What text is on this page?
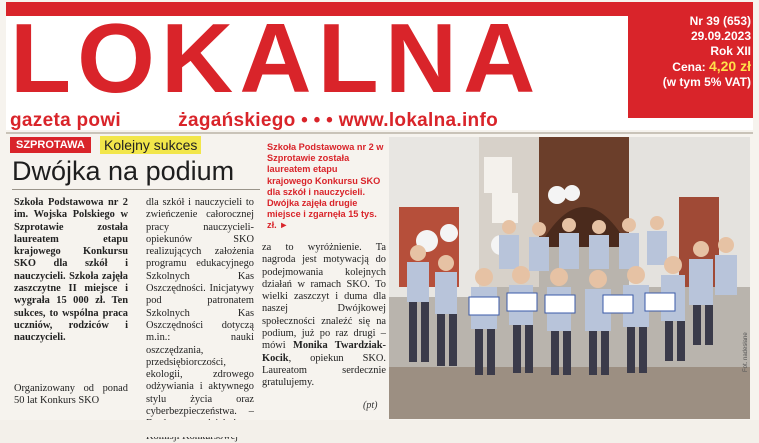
LOKALNA
gazeta powi	żagańskiego • • • www.lokalna.info
Nr 39 (653)
29.09.2023
Rok XII
Cena: 4,20 zł
(w tym 5% VAT)
SZPROTAWA	Kolejny sukces
Dwójka na podium
Szkoła Podstawowa nr 2 w Szprotawie została laureatem etapu krajowego Konkursu SKO dla szkół i nauczycieli. Dwójka zajęła drugie miejsce i zgarnęła 15 tys. zł. ►
Szkoła Podstawowa nr 2 im. Wojska Polskiego w Szprotawie została laureatem etapu krajowego Konkursu SKO dla szkół i nauczycieli. Szkoła zajęła zaszczytne II miejsce i wygrała 15 000 zł. Ten sukces, to wspólna praca uczniów, rodziców i nauczycieli.
Organizowany od ponad 50 lat Konkurs SKO
dla szkół i nauczycieli to zwieńczenie całorocznej pracy nauczycieli-opiekunów SKO realizujących założenia programu edukacyjnego Szkolnych Kas Oszczędności. Inicjatywy pod patronatem Szkolnych Kas Oszczędności dotyczą m.in.: nauki oszczędzania, przedsiębiorczości, ekologii, zdrowego odżywiania i aktywnego stylu życia oraz cyberbezpieczeństwa. –
za to wyróżnienie. Ta nagroda jest motywacją do podejmowania kolejnych działań w ramach SKO. To wielki zaszczyt i duma dla naszej Dwójkowej społeczności znaleźć się na podium, już po raz drugi – mówi Monika Twardziak-Kocik, opiekun SKO. Laureatom serdecznie gratulujemy.
(pt)
Fot. nadesłane
